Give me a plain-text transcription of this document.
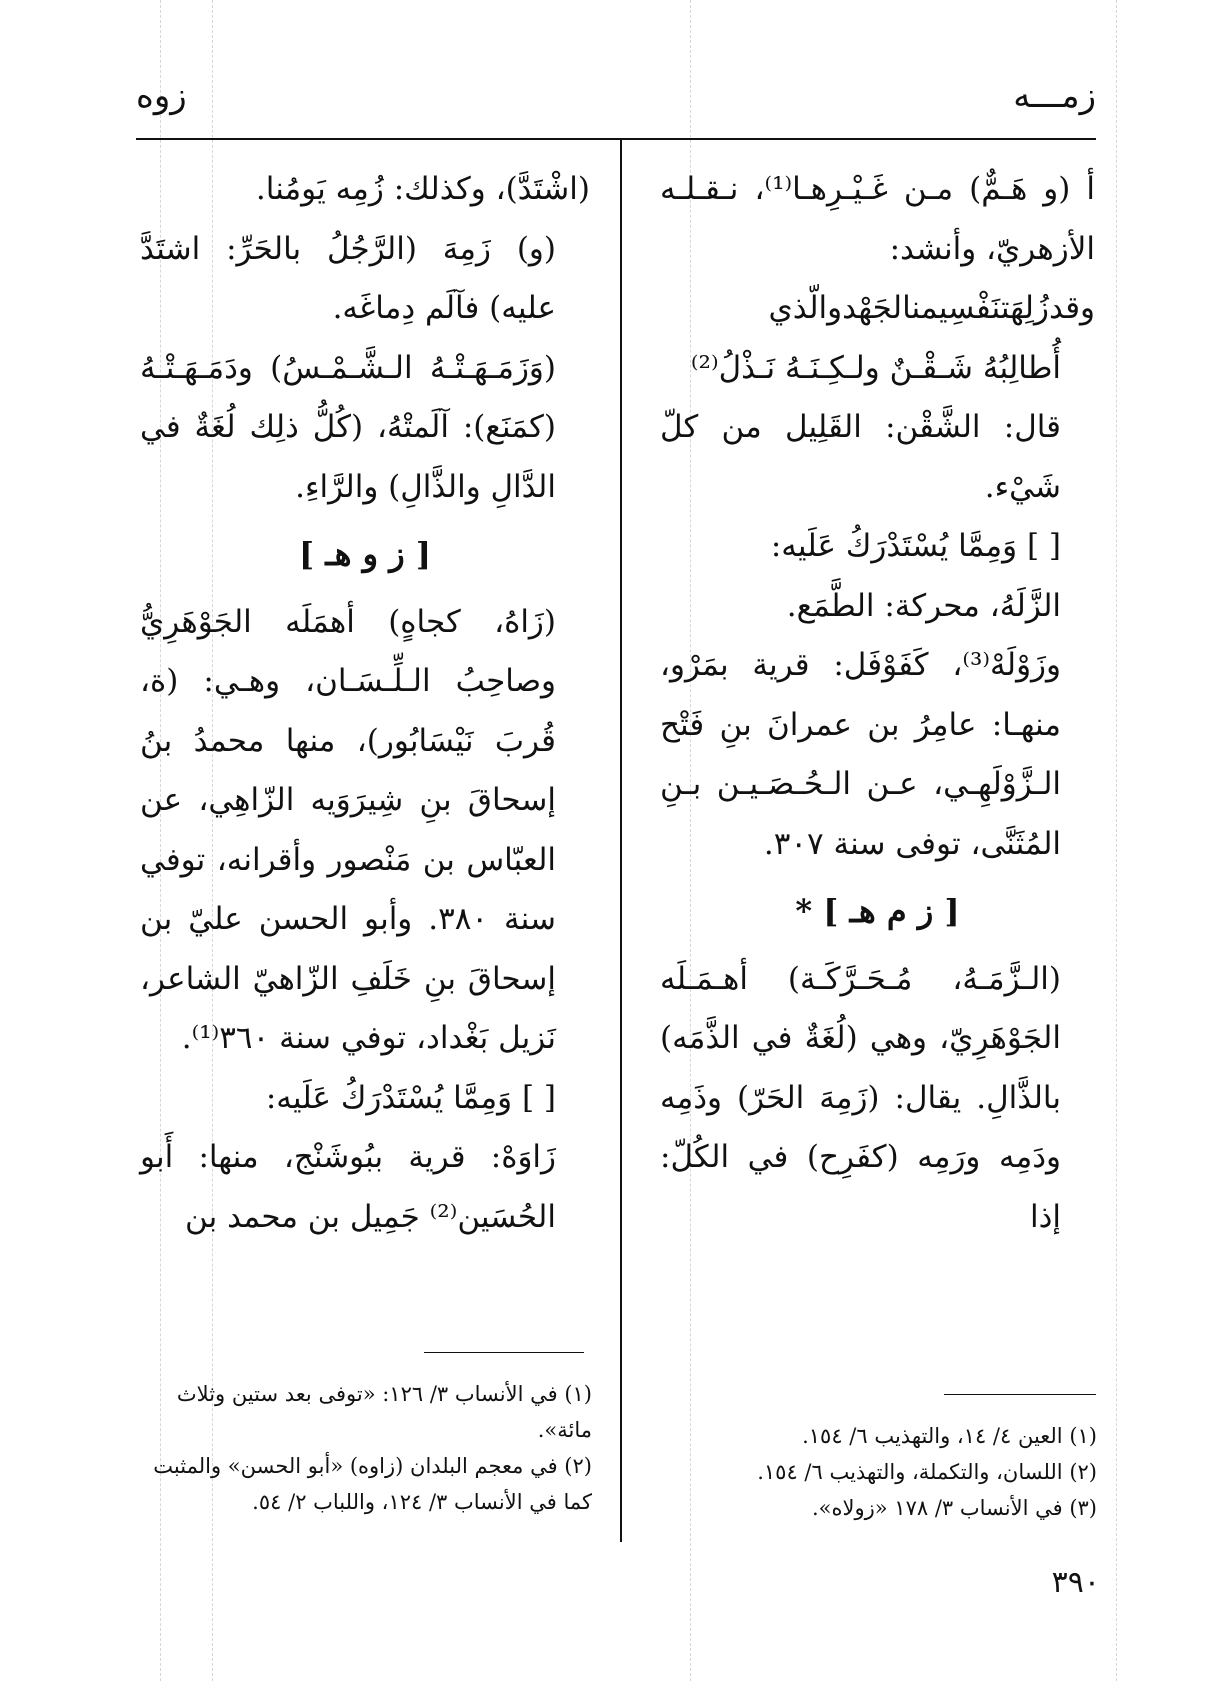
زمـــه
زوه

أ (و هَـمٌّ) مـن غَـيْـرِهـا⁽¹⁾، نـقـلـه الأزهريّ، وأنشد:

وقدزُلِهَتنَفْسِيمنالجَهْدوالّذي

أُطالِبُهُ شَـقْـنٌ ولـكِـنَـهُ نَـذْلُ⁽²⁾

قال: الشَّقْن: القَلِيل من كلّ شَيْء.

[ ] وَمِمَّا يُسْتَدْرَكُ عَلَيه:

الزَّلَهُ، محركة: الطَّمَع.

وزَوْلَهْ⁽³⁾، كَفَوْفَل: قرية بمَرْو، منهـا: عامِرُ بن عمرانَ بنِ فَتْح الـزَّوْلَهِـي، عـن الـحُـصَـيـن بـنِ المُثَنَّى، توفى سنة ٣٠٧.

[ ز م هـ ] *

(الـزَّمَـهُ، مُـحَـرَّكَـة) أهـمَـلَه الجَوْهَرِيّ، وهي (لُغَةٌ في الذَّمَه) بالذَّالِ. يقال: (زَمِهَ الحَرّ) وذَمِه ودَمِه ورَمِه (كفَرِح) في الكُلّ: إذا

(اشْتَدَّ)، وكذلك: زُمِه يَومُنا.

(و) زَمِهَ (الرَّجُلُ بالحَرِّ: اشتَدَّ عليه) فآلَم دِماغَه.

(وَزَمَـهَـتْـهُ الـشَّـمْـسُ) ودَمَـهَـتْـهُ (كمَنَع): آلَمتْهُ، (كُلُّ ذلِك لُغَةٌ في الدَّالِ والذَّالِ) والرَّاءِ.

[ ز و هـ ]

(زَاهُ، كجاهٍ) أهمَلَه الجَوْهَرِيُّ وصاحِبُ الـلِّـسَـان، وهـي: (ة، قُربَ نَيْسَابُور)، منها محمدُ بنُ إسحاقَ بنِ شِيرَوَيه الزّاهِي، عن العبّاس بن مَنْصور وأقرانه، توفي سنة ٣٨٠. وأبو الحسن عليّ بن إسحاقَ بنِ خَلَفِ الزّاهيّ الشاعر، نَزيل بَغْداد، توفي سنة ٣٦٠⁽¹⁾.

[ ] وَمِمَّا يُسْتَدْرَكُ عَلَيه:

زَاوَهْ: قرية ببُوشَنْج، منها: أَبو الحُسَين⁽²⁾ جَمِيل بن محمد بن

(١) العين ٤/ ١٤، والتهذيب ٦/ ١٥٤.

(٢) اللسان، والتكملة، والتهذيب ٦/ ١٥٤.

(٣) في الأنساب ٣/ ١٧٨ «زولاه».

(١) في الأنساب ٣/ ١٢٦: «توفى بعد ستين وثلاث مائة».

(٢) في معجم البلدان (زاوه) «أبو الحسن» والمثبت كما في الأنساب ٣/ ١٢٤، واللباب ٢/ ٥٤.

٣٩٠
